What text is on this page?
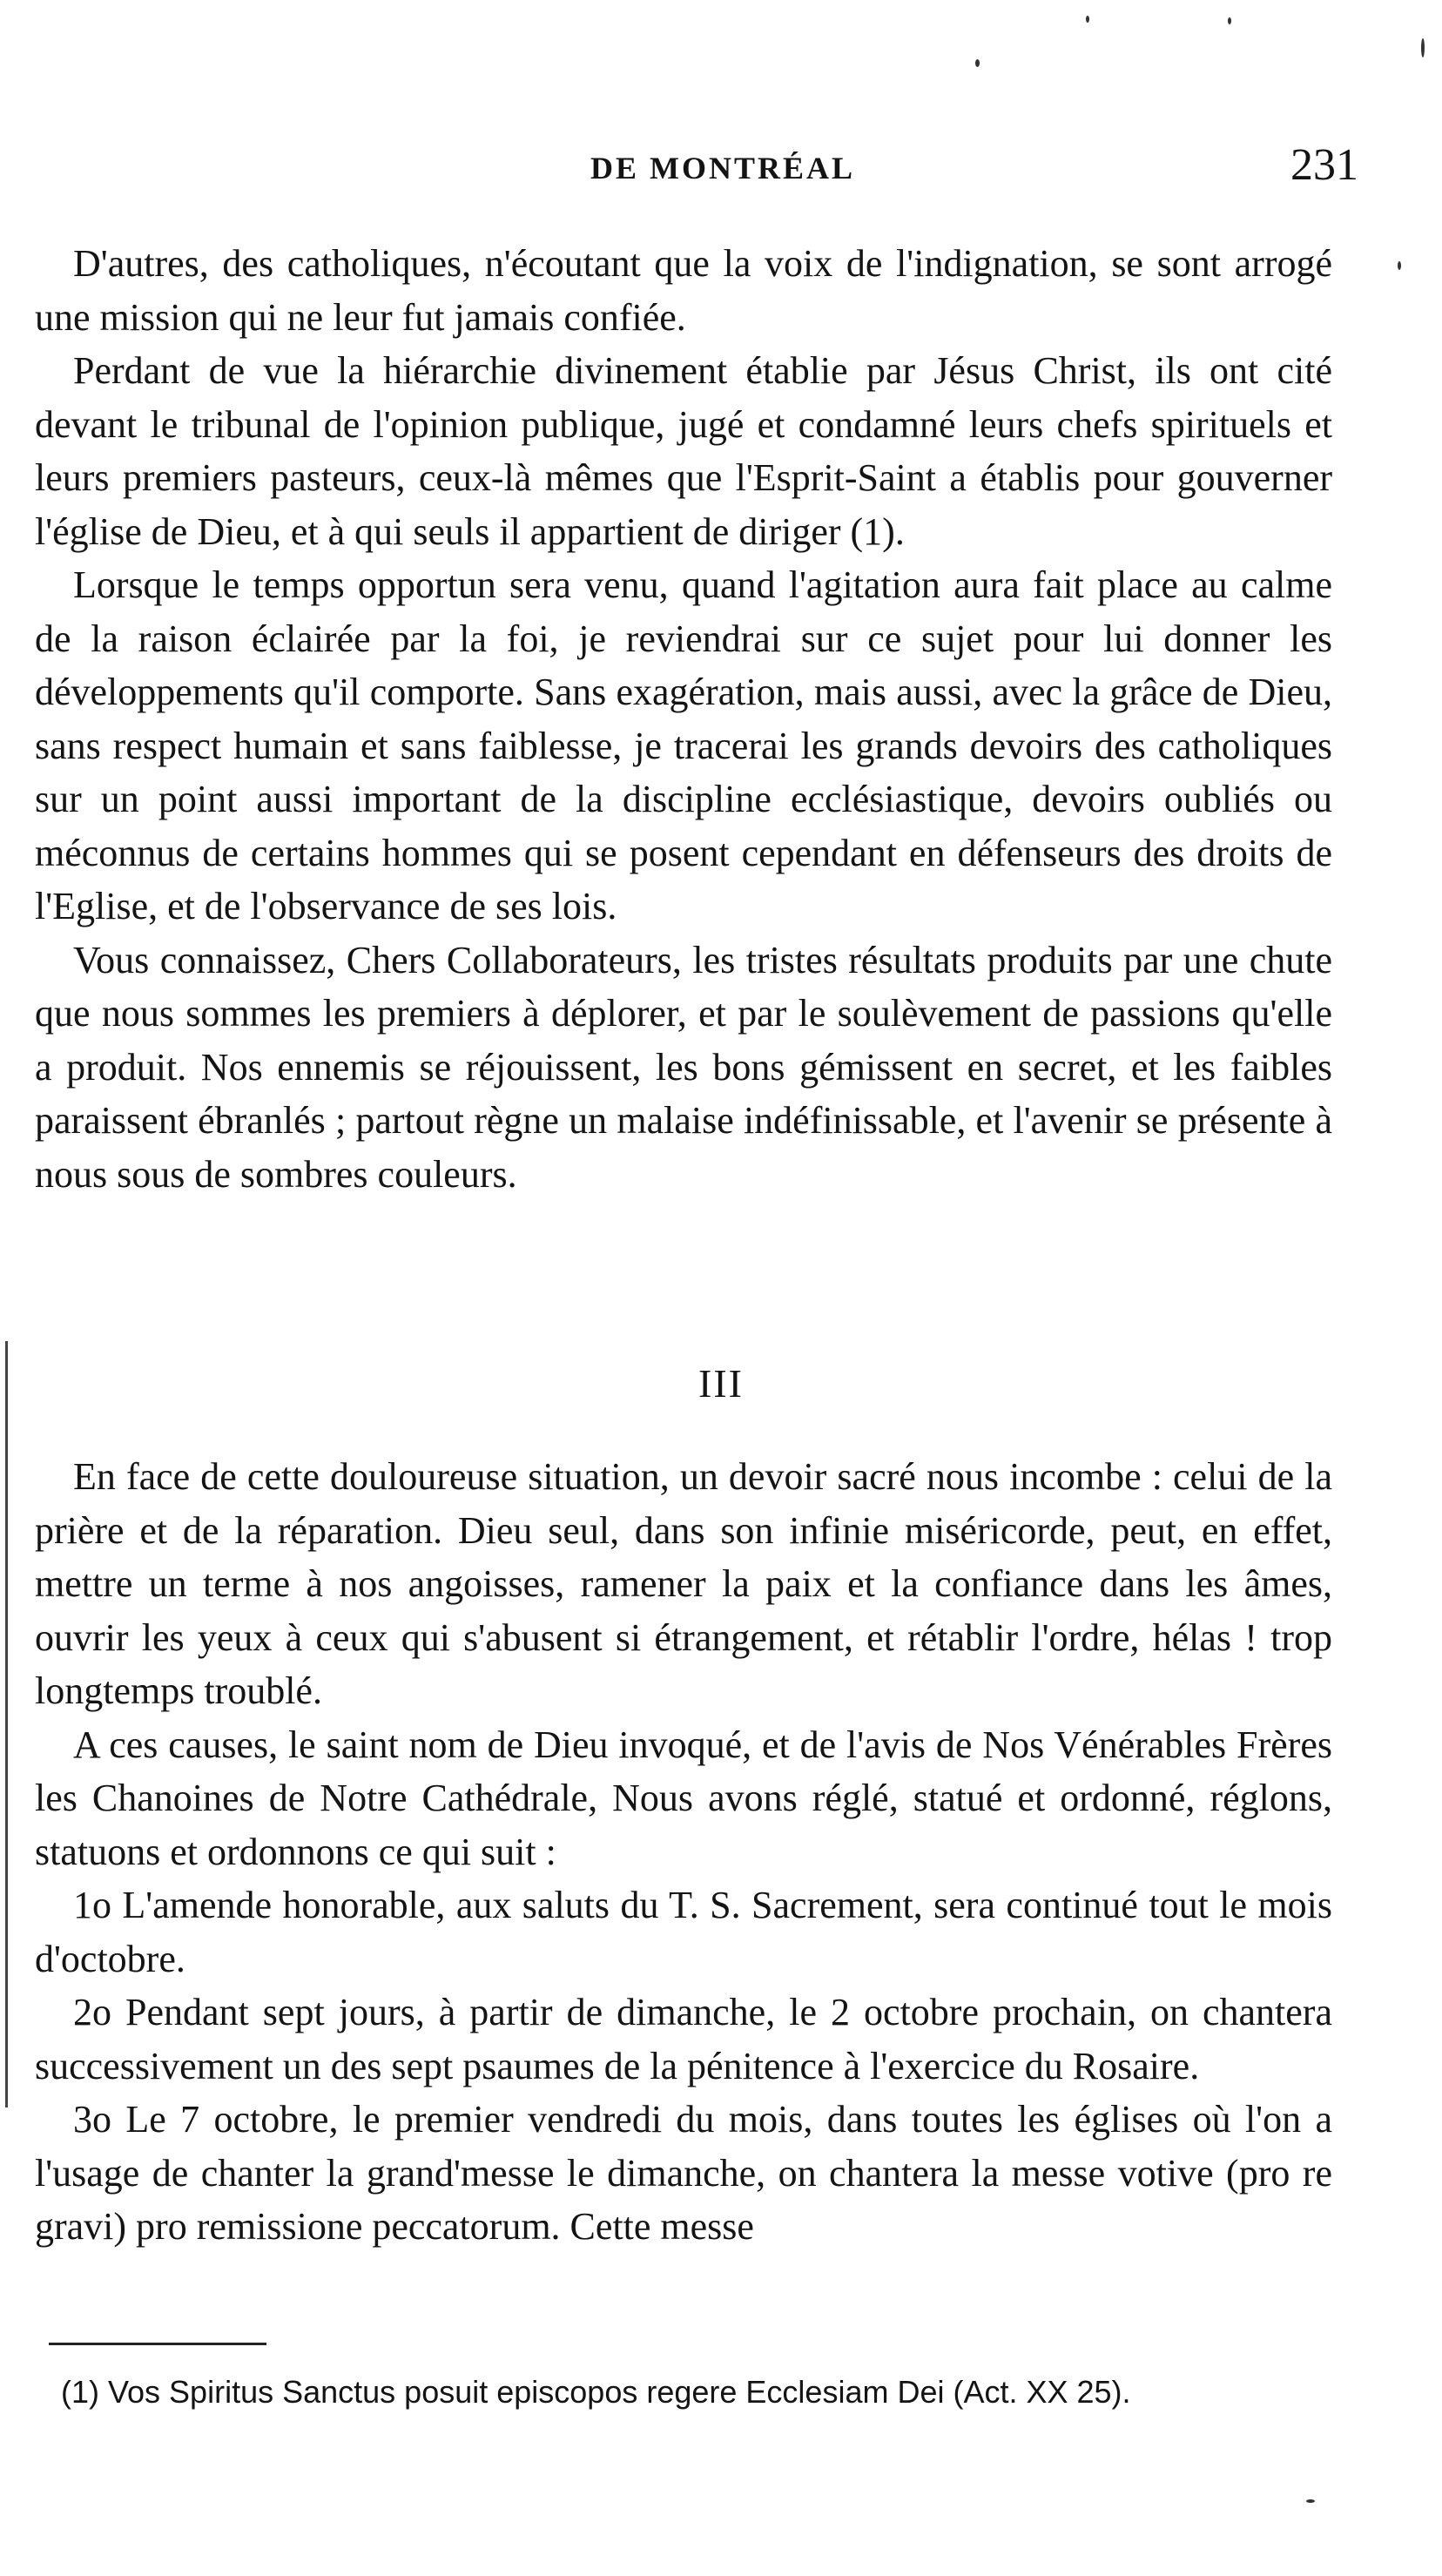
DE MONTRÉAL	231

D'autres, des catholiques, n'écoutant que la voix de l'indignation, se sont arrogé une mission qui ne leur fut jamais confiée.

Perdant de vue la hiérarchie divinement établie par Jésus Christ, ils ont cité devant le tribunal de l'opinion publique, jugé et condamné leurs chefs spirituels et leurs premiers pasteurs, ceux-là mêmes que l'Esprit-Saint a établis pour gouverner l'église de Dieu, et à qui seuls il appartient de diriger (1).

Lorsque le temps opportun sera venu, quand l'agitation aura fait place au calme de la raison éclairée par la foi, je reviendrai sur ce sujet pour lui donner les développements qu'il comporte. Sans exagération, mais aussi, avec la grâce de Dieu, sans respect humain et sans faiblesse, je tracerai les grands devoirs des catholiques sur un point aussi important de la discipline ecclésiastique, devoirs oubliés ou méconnus de certains hommes qui se posent cependant en défenseurs des droits de l'Eglise, et de l'observance de ses lois.

Vous connaissez, Chers Collaborateurs, les tristes résultats produits par une chute que nous sommes les premiers à déplorer, et par le soulèvement de passions qu'elle a produit. Nos ennemis se réjouissent, les bons gémissent en secret, et les faibles paraissent ébranlés ; partout règne un malaise indéfinissable, et l'avenir se présente à nous sous de sombres couleurs.

III

En face de cette douloureuse situation, un devoir sacré nous incombe : celui de la prière et de la réparation. Dieu seul, dans son infinie miséricorde, peut, en effet, mettre un terme à nos angoisses, ramener la paix et la confiance dans les âmes, ouvrir les yeux à ceux qui s'abusent si étrangement, et rétablir l'ordre, hélas ! trop longtemps troublé.

A ces causes, le saint nom de Dieu invoqué, et de l'avis de Nos Vénérables Frères les Chanoines de Notre Cathédrale, Nous avons réglé, statué et ordonné, réglons, statuons et ordonnons ce qui suit :

1o L'amende honorable, aux saluts du T. S. Sacrement, sera continué tout le mois d'octobre.

2o Pendant sept jours, à partir de dimanche, le 2 octobre prochain, on chantera successivement un des sept psaumes de la pénitence à l'exercice du Rosaire.

3o Le 7 octobre, le premier vendredi du mois, dans toutes les églises où l'on a l'usage de chanter la grand'messe le dimanche, on chantera la messe votive (pro re gravi) pro remissione peccatorum. Cette messe

(1) Vos Spiritus Sanctus posuit episcopos regere Ecclesiam Dei (Act. XX 25).
